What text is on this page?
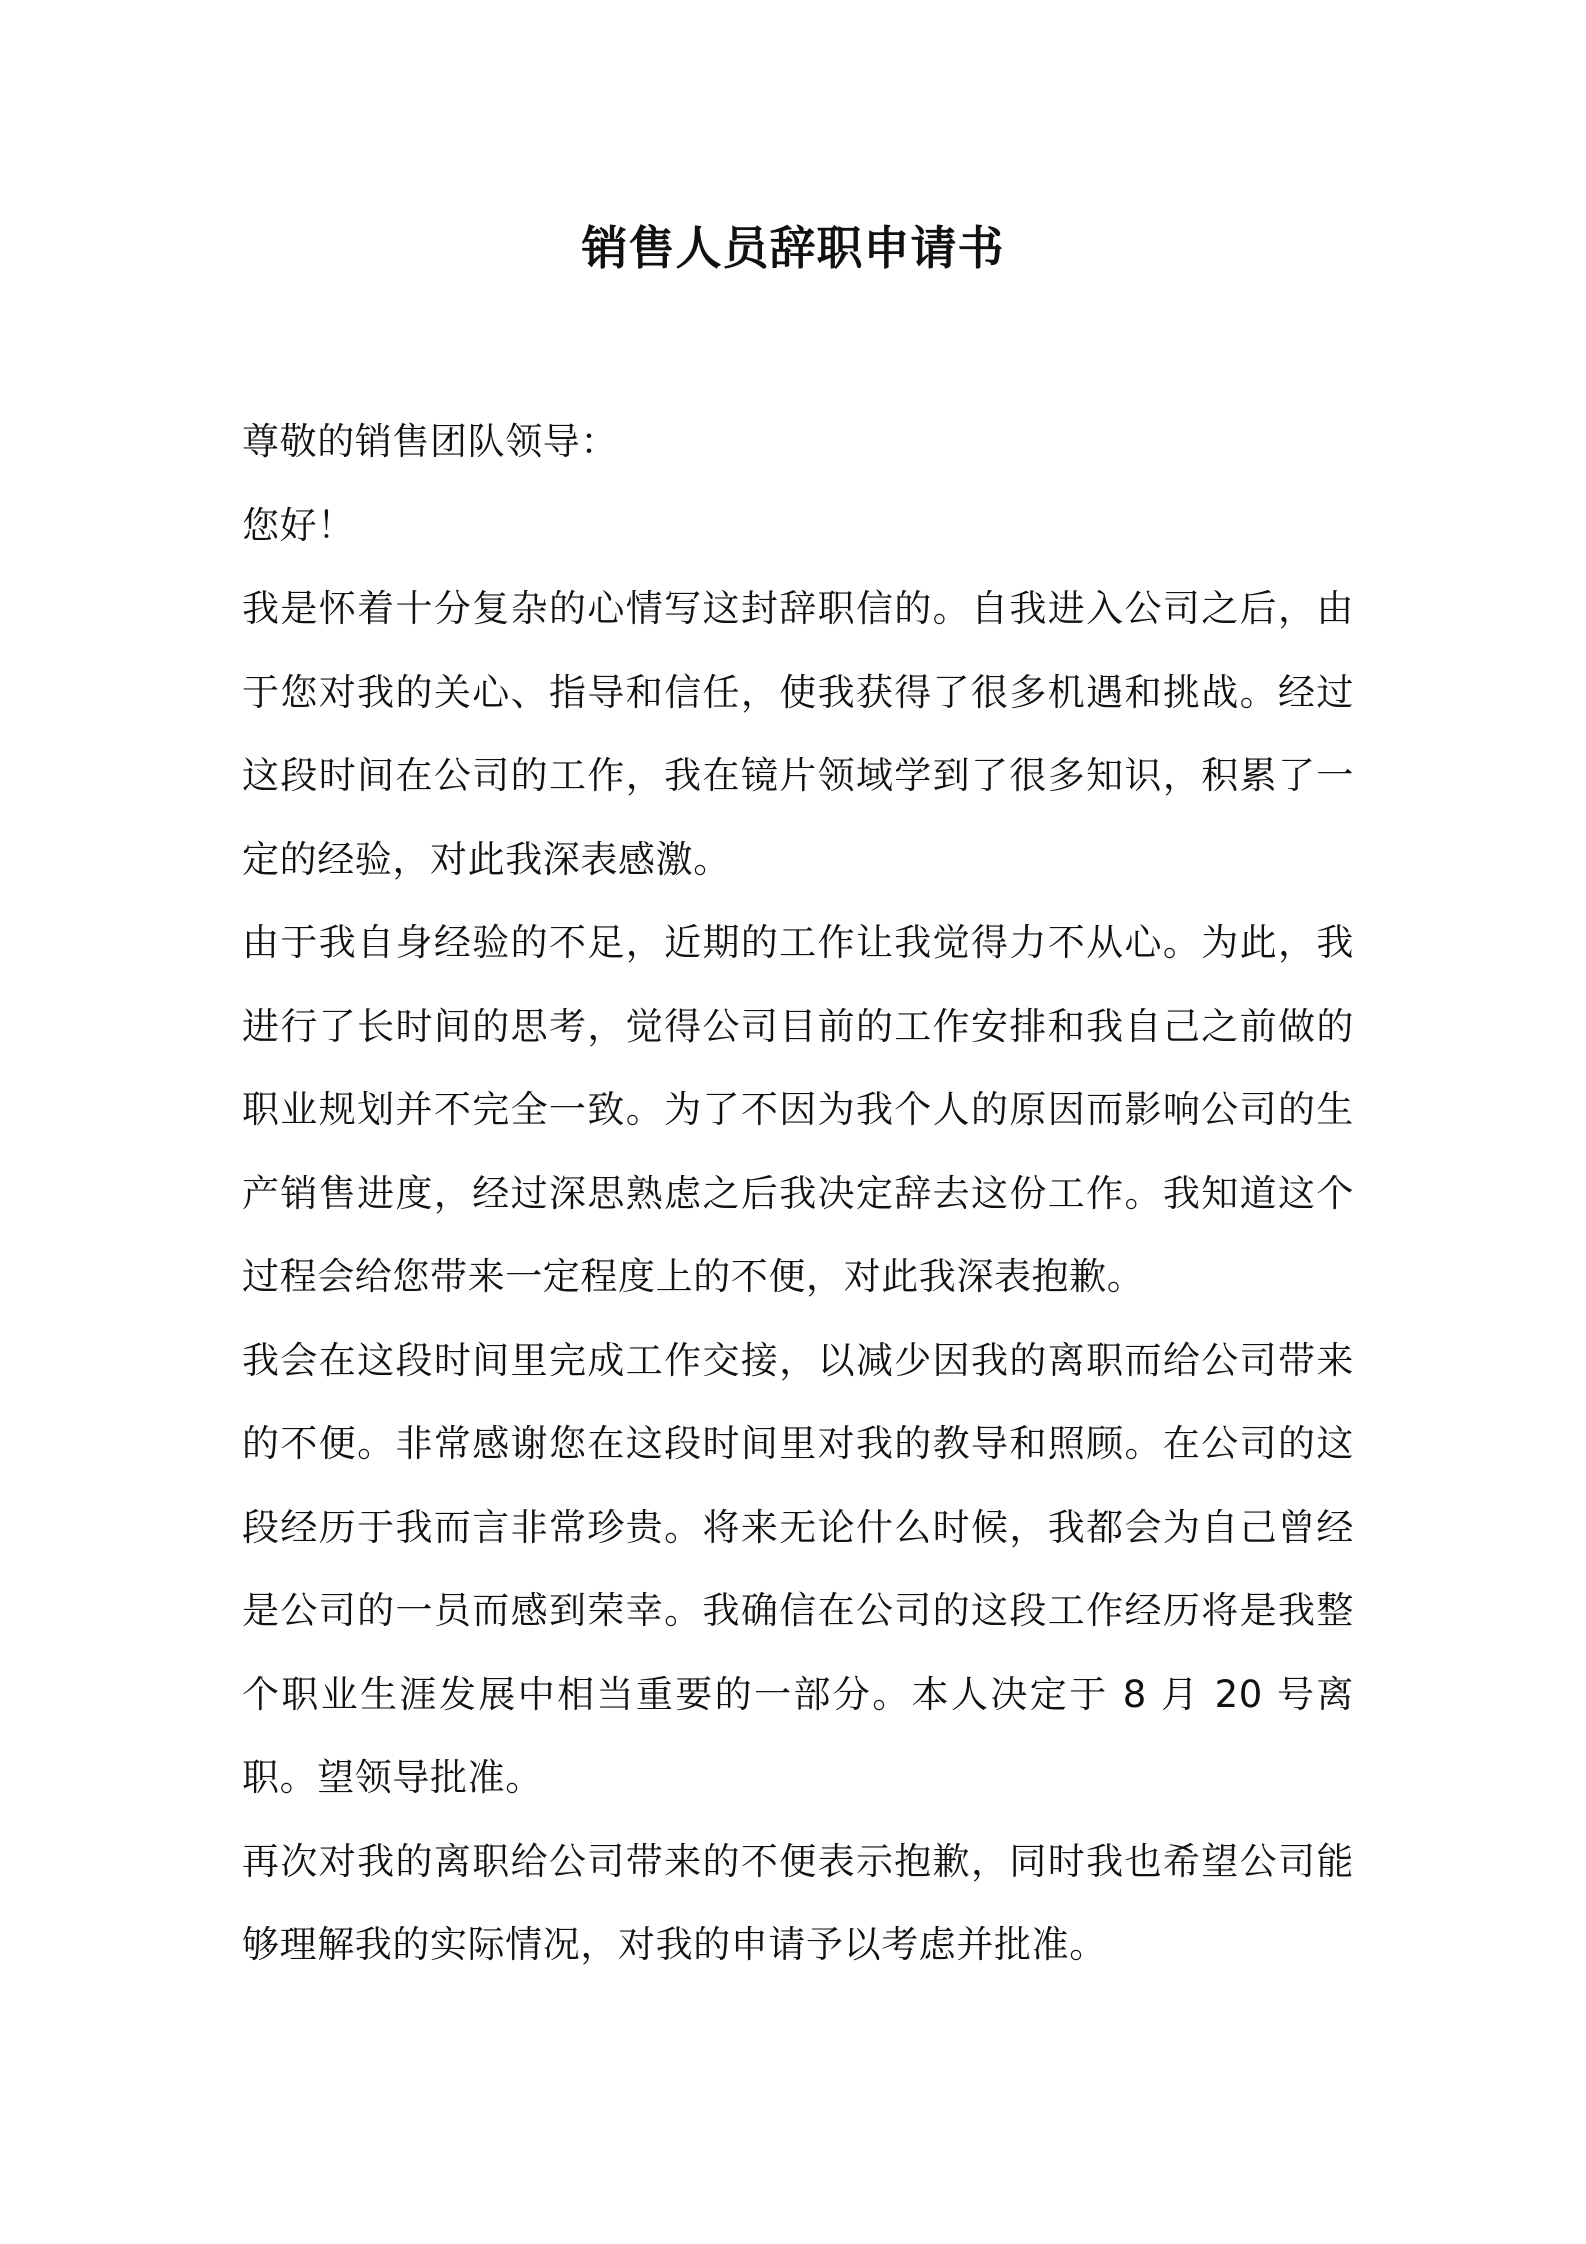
销售人员辞职申请书

尊敬的销售团队领导：

您好！

我是怀着十分复杂的心情写这封辞职信的。自我进入公司之后，由于您对我的关心、指导和信任，使我获得了很多机遇和挑战。经过这段时间在公司的工作，我在镜片领域学到了很多知识，积累了一定的经验，对此我深表感激。

由于我自身经验的不足，近期的工作让我觉得力不从心。为此，我进行了长时间的思考，觉得公司目前的工作安排和我自己之前做的职业规划并不完全一致。为了不因为我个人的原因而影响公司的生产销售进度，经过深思熟虑之后我决定辞去这份工作。我知道这个过程会给您带来一定程度上的不便，对此我深表抱歉。

我会在这段时间里完成工作交接，以减少因我的离职而给公司带来的不便。非常感谢您在这段时间里对我的教导和照顾。在公司的这段经历于我而言非常珍贵。将来无论什么时候，我都会为自己曾经是公司的一员而感到荣幸。我确信在公司的这段工作经历将是我整个职业生涯发展中相当重要的一部分。本人决定于 8 月 20 号离职。望领导批准。

再次对我的离职给公司带来的不便表示抱歉，同时我也希望公司能够理解我的实际情况，对我的申请予以考虑并批准。
